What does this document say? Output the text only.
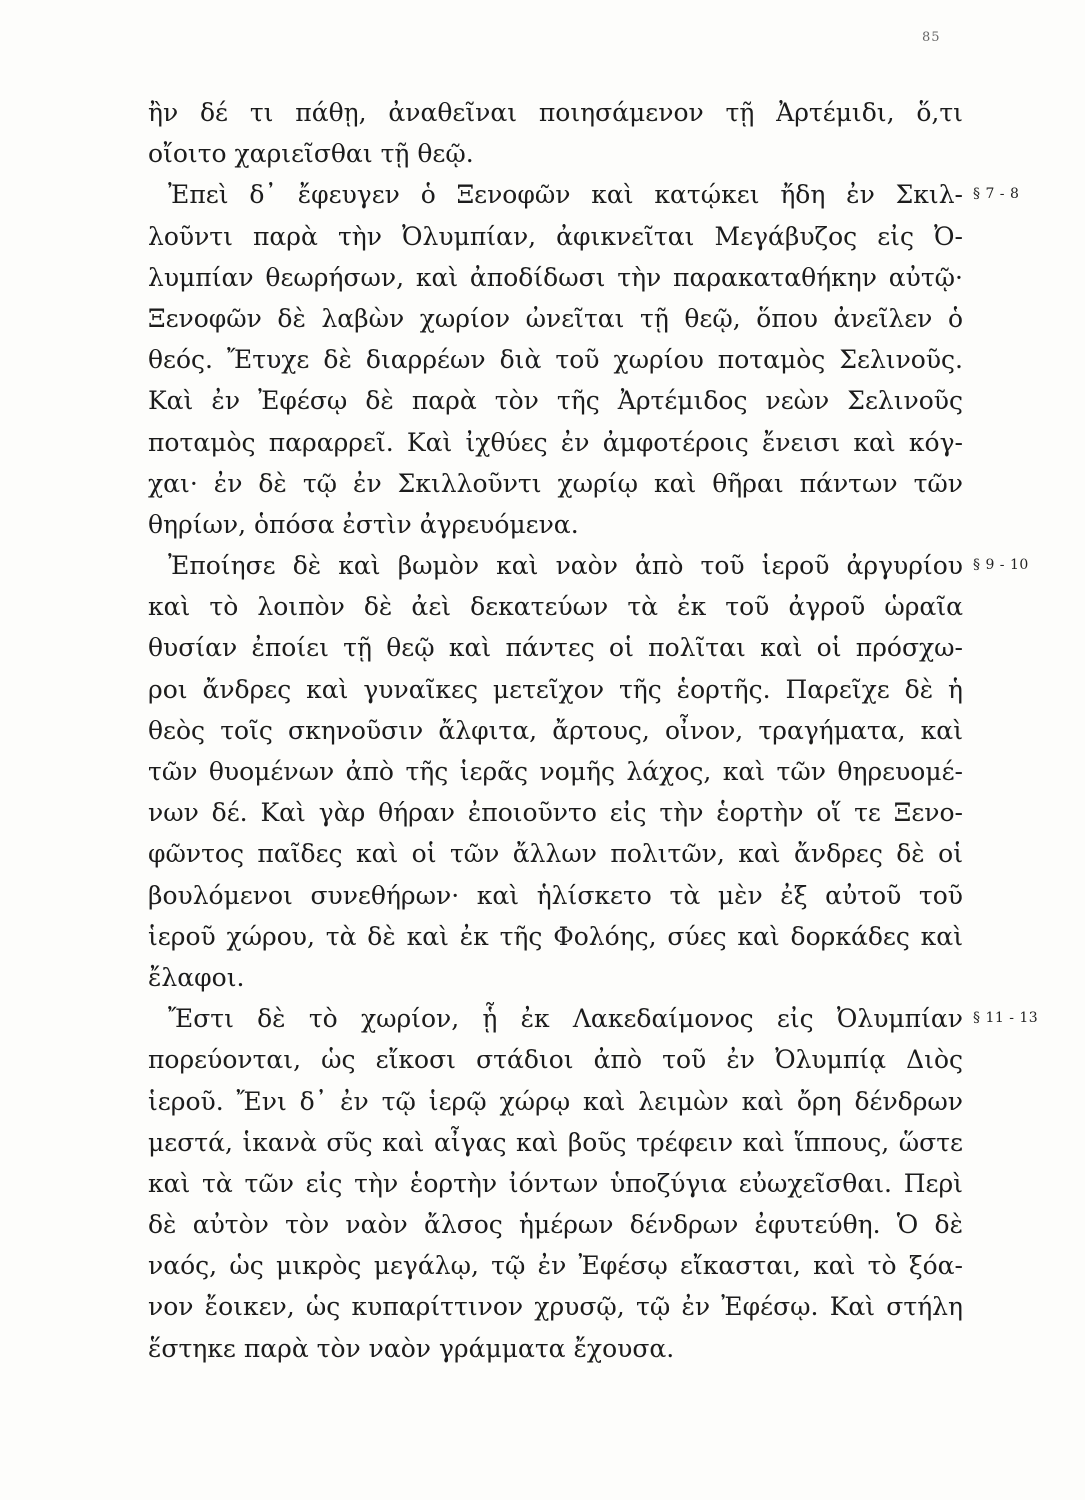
85
ἢν δέ τι πάθῃ, ἀναθεῖναι ποιησάμενον τῇ Ἀρτέμιδι, ὅ,τι
οἴοιτο χαριεῖσθαι τῇ θεῷ.
Ἐπεὶ δ᾽ ἔφευγεν ὁ Ξενοφῶν καὶ κατῴκει ἤδη ἐν Σκιλ- § 7 - 8
λοῦντι παρὰ τὴν Ὀλυμπίαν, ἀφικνεῖται Μεγάβυζος εἰς Ὀ-
λυμπίαν θεωρήσων, καὶ ἀποδίδωσι τὴν παρακαταθήκην αὐτῷ·
Ξενοφῶν δὲ λαβὼν χωρίον ὠνεῖται τῇ θεῷ, ὅπου ἀνεῖλεν ὁ
θεός. Ἔτυχε δὲ διαρρέων διὰ τοῦ χωρίου ποταμὸς Σελινοῦς.
Καὶ ἐν Ἐφέσῳ δὲ παρὰ τὸν τῆς Ἀρτέμιδος νεὼν Σελινοῦς
ποταμὸς παραρρεῖ. Καὶ ἰχθύες ἐν ἀμφοτέροις ἔνεισι καὶ κόγ-
χαι· ἐν δὲ τῷ ἐν Σκιλλοῦντι χωρίῳ καὶ θῆραι πάντων τῶν
θηρίων, ὁπόσα ἐστὶν ἀγρευόμενα.
Ἐποίησε δὲ καὶ βωμὸν καὶ ναὸν ἀπὸ τοῦ ἱεροῦ ἀργυρίου § 9 - 10
καὶ τὸ λοιπὸν δὲ ἀεὶ δεκατεύων τὰ ἐκ τοῦ ἀγροῦ ὡραῖα
θυσίαν ἐποίει τῇ θεῷ καὶ πάντες οἱ πολῖται καὶ οἱ πρόσχω-
ροι ἄνδρες καὶ γυναῖκες μετεῖχον τῆς ἑορτῆς. Παρεῖχε δὲ ἡ
θεὸς τοῖς σκηνοῦσιν ἄλφιτα, ἄρτους, οἶνον, τραγήματα, καὶ
τῶν θυομένων ἀπὸ τῆς ἱερᾶς νομῆς λάχος, καὶ τῶν θηρευομέ-
νων δέ. Καὶ γὰρ θήραν ἐποιοῦντο εἰς τὴν ἑορτὴν οἵ τε Ξενο-
φῶντος παῖδες καὶ οἱ τῶν ἄλλων πολιτῶν, καὶ ἄνδρες δὲ οἱ
βουλόμενοι συνεθήρων· καὶ ἡλίσκετο τὰ μὲν ἐξ αὐτοῦ τοῦ
ἱεροῦ χώρου, τὰ δὲ καὶ ἐκ τῆς Φολόης, σύες καὶ δορκάδες καὶ
ἔλαφοι.
Ἔστι δὲ τὸ χωρίον, ᾗ ἐκ Λακεδαίμονος εἰς Ὀλυμπίαν § 11 - 13
πορεύονται, ὡς εἴκοσι στάδιοι ἀπὸ τοῦ ἐν Ὀλυμπίᾳ Διὸς
ἱεροῦ. Ἔνι δ᾽ ἐν τῷ ἱερῷ χώρῳ καὶ λειμὼν καὶ ὄρη δένδρων
μεστά, ἱκανὰ σῦς καὶ αἶγας καὶ βοῦς τρέφειν καὶ ἵππους, ὥστε
καὶ τὰ τῶν εἰς τὴν ἑορτὴν ἰόντων ὑποζύγια εὐωχεῖσθαι. Περὶ
δὲ αὐτὸν τὸν ναὸν ἄλσος ἡμέρων δένδρων ἐφυτεύθη. Ὁ δὲ
ναός, ὡς μικρὸς μεγάλῳ, τῷ ἐν Ἐφέσῳ εἴκασται, καὶ τὸ ξόα-
νον ἔοικεν, ὡς κυπαρίττινον χρυσῷ, τῷ ἐν Ἐφέσῳ. Καὶ στήλη
ἕστηκε παρὰ τὸν ναὸν γράμματα ἔχουσα.
